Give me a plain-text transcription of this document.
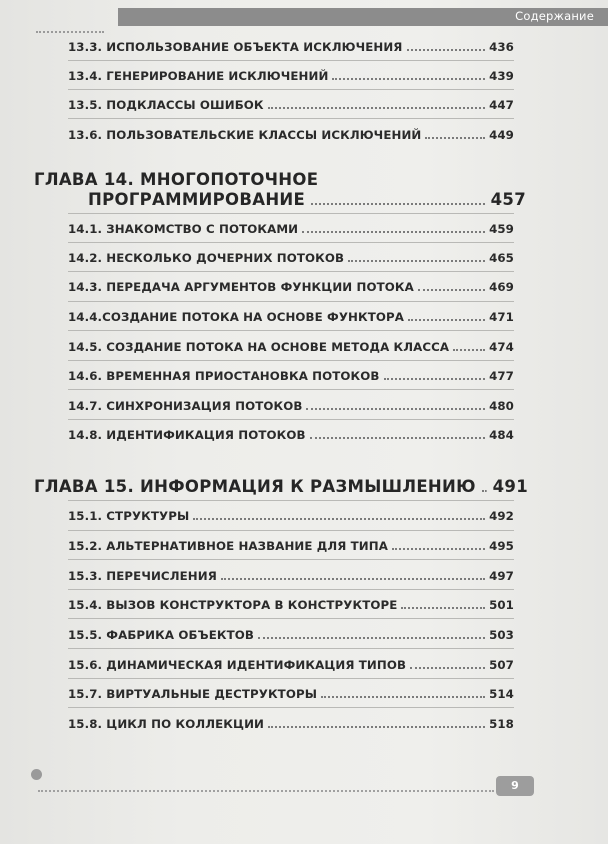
Содержание
13.3. ИСПОЛЬЗОВАНИЕ ОБЪЕКТА ИСКЛЮЧЕНИЯ	436
13.4. ГЕНЕРИРОВАНИЕ ИСКЛЮЧЕНИЙ	439
13.5. ПОДКЛАССЫ ОШИБОК	447
13.6. ПОЛЬЗОВАТЕЛЬСКИЕ КЛАССЫ ИСКЛЮЧЕНИЙ	449
ГЛАВА 14. МНОГОПОТОЧНОЕ
ПРОГРАММИРОВАНИЕ	457
14.1. ЗНАКОМСТВО С ПОТОКАМИ	459
14.2. НЕСКОЛЬКО ДОЧЕРНИХ ПОТОКОВ	465
14.3. ПЕРЕДАЧА АРГУМЕНТОВ ФУНКЦИИ ПОТОКА	469
14.4.СОЗДАНИЕ ПОТОКА НА ОСНОВЕ ФУНКТОРА	471
14.5. СОЗДАНИЕ ПОТОКА НА ОСНОВЕ МЕТОДА КЛАССА	474
14.6. ВРЕМЕННАЯ ПРИОСТАНОВКА ПОТОКОВ	477
14.7. СИНХРОНИЗАЦИЯ ПОТОКОВ	480
14.8. ИДЕНТИФИКАЦИЯ ПОТОКОВ	484
ГЛАВА 15. ИНФОРМАЦИЯ К РАЗМЫШЛЕНИЮ 491
15.1. СТРУКТУРЫ	492
15.2. АЛЬТЕРНАТИВНОЕ НАЗВАНИЕ ДЛЯ ТИПА	495
15.3. ПЕРЕЧИСЛЕНИЯ	497
15.4. ВЫЗОВ КОНСТРУКТОРА В КОНСТРУКТОРЕ	501
15.5. ФАБРИКА ОБЪЕКТОВ	503
15.6. ДИНАМИЧЕСКАЯ ИДЕНТИФИКАЦИЯ ТИПОВ	507
15.7. ВИРТУАЛЬНЫЕ ДЕСТРУКТОРЫ	514
15.8. ЦИКЛ ПО КОЛЛЕКЦИИ	518
9
